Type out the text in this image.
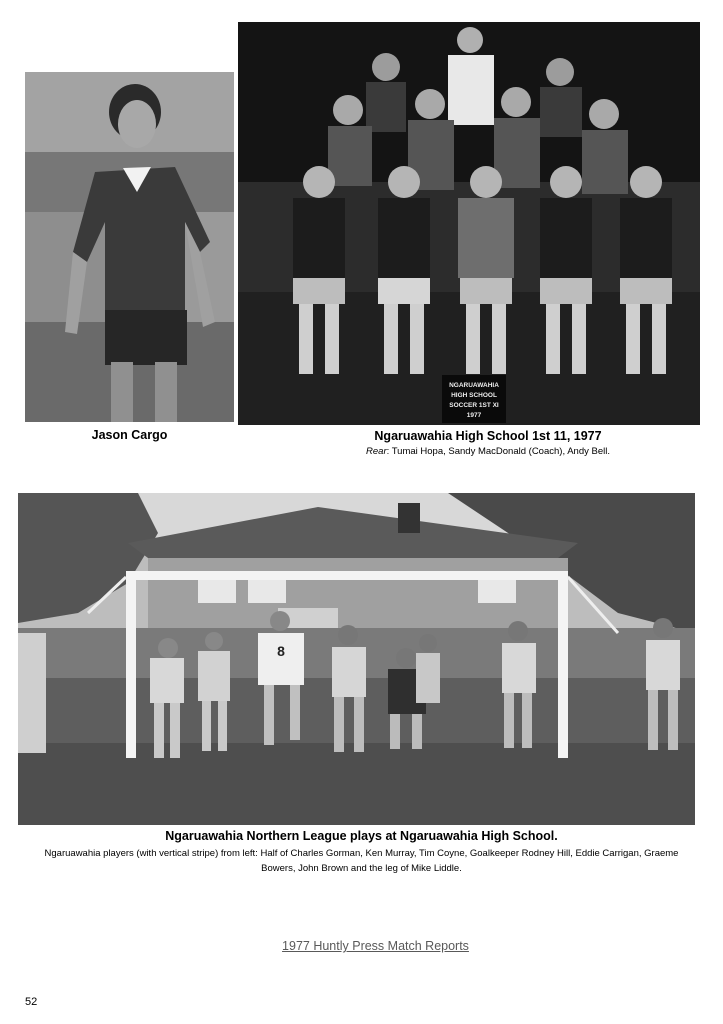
Jason Cargo
NGARUAWAHIA
HIGH SCHOOL
SOCCER 1ST XI
1977
Ngaruawahia High School 1st 11, 1977
Rear: Tumai Hopa, Sandy MacDonald (Coach), Andy Bell.
8
Ngaruawahia Northern League plays at Ngaruawahia High School.
Ngaruawahia players (with vertical stripe) from left: Half of Charles Gorman, Ken Murray, Tim Coyne, Goalkeeper Rodney Hill, Eddie Carrigan, Graeme Bowers, John Brown and the leg of Mike Liddle.
1977 Huntly Press Match Reports
52
